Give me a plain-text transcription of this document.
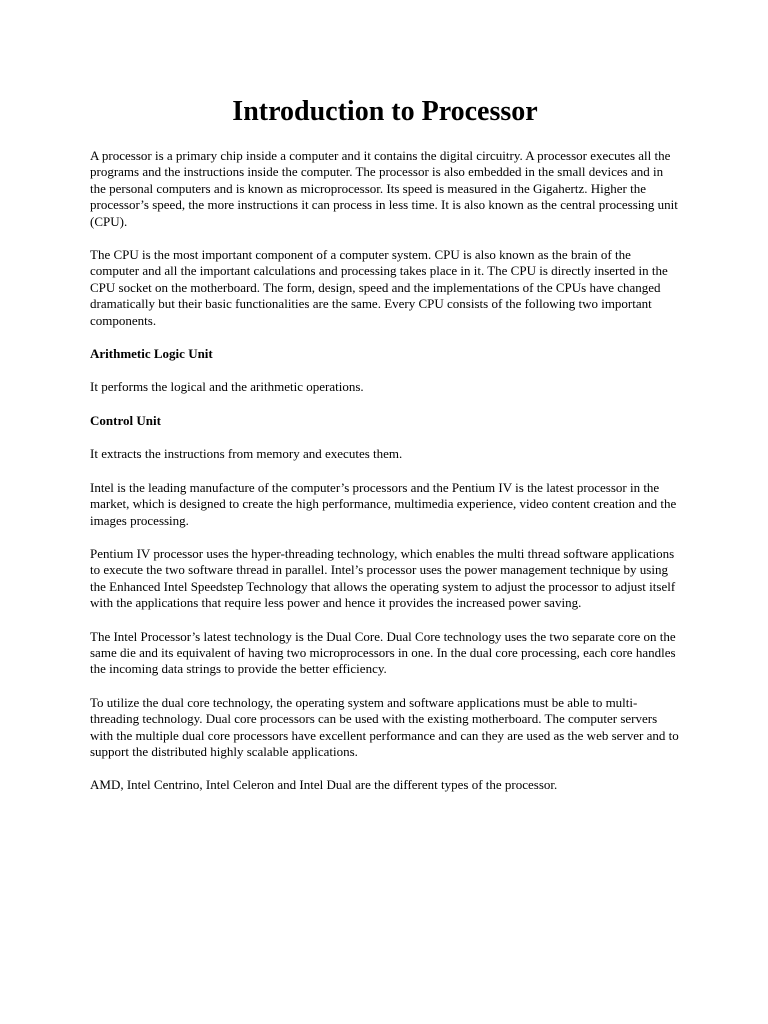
Introduction to Processor

A processor is a primary chip inside a computer and it contains the digital circuitry. A processor executes all the programs and the instructions inside the computer. The processor is also embedded in the small devices and in the personal computers and is known as microprocessor. Its speed is measured in the Gigahertz. Higher the processor’s speed, the more instructions it can process in less time. It is also known as the central processing unit (CPU).

The CPU is the most important component of a computer system. CPU is also known as the brain of the computer and all the important calculations and processing takes place in it. The CPU is directly inserted in the CPU socket on the motherboard. The form, design, speed and the implementations of the CPUs have changed dramatically but their basic functionalities are the same. Every CPU consists of the following two important components.

Arithmetic Logic Unit

It performs the logical and the arithmetic operations.

Control Unit

It extracts the instructions from memory and executes them.

Intel is the leading manufacture of the computer’s processors and the Pentium IV is the latest processor in the market, which is designed to create the high performance, multimedia experience, video content creation and the images processing.

Pentium IV processor uses the hyper-threading technology, which enables the multi thread software applications to execute the two software thread in parallel. Intel’s processor uses the power management technique by using the Enhanced Intel Speedstep Technology that allows the operating system to adjust the processor to adjust itself with the applications that require less power and hence it provides the increased power saving.

The Intel Processor’s latest technology is the Dual Core. Dual Core technology uses the two separate core on the same die and its equivalent of having two microprocessors in one. In the dual core processing, each core handles the incoming data strings to provide the better efficiency.

To utilize the dual core technology, the operating system and software applications must be able to multi-threading technology. Dual core processors can be used with the existing motherboard. The computer servers with the multiple dual core processors have excellent performance and can they are used as the web server and to support the distributed highly scalable applications.

AMD, Intel Centrino, Intel Celeron and Intel Dual are the different types of the processor.
